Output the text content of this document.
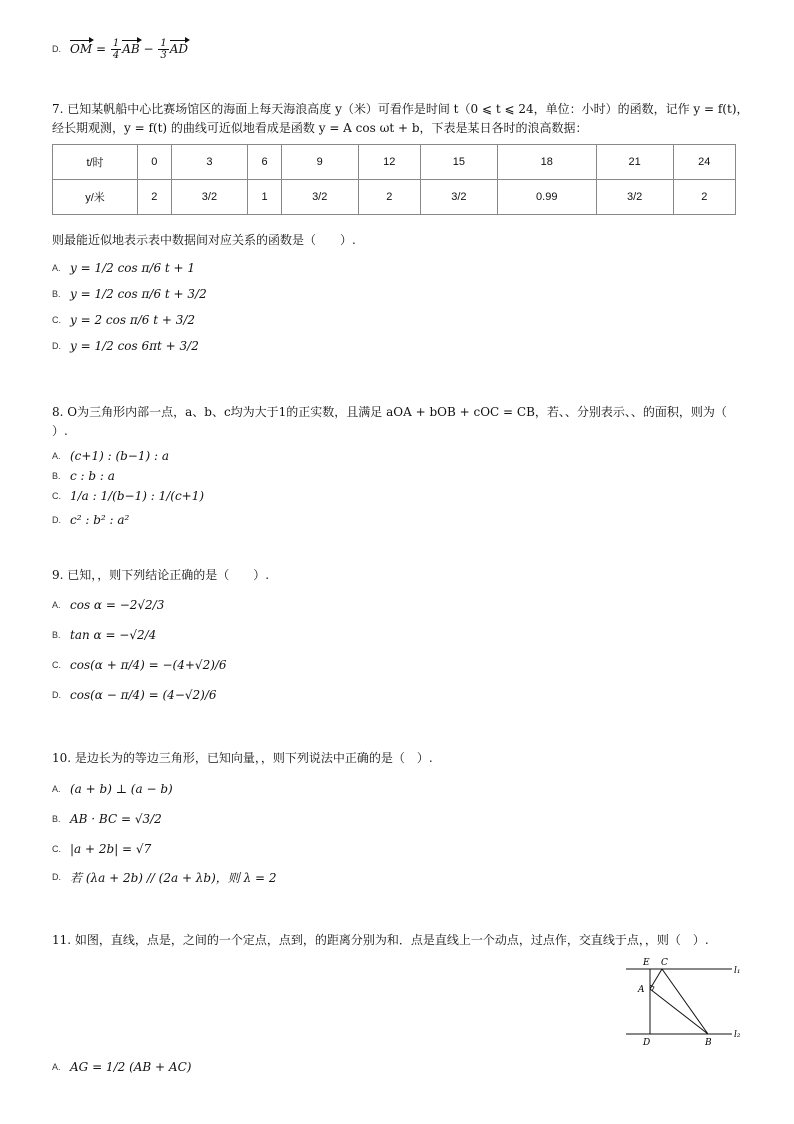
D. OM = $\frac{1}{4}$ AB − $\frac{1}{3}$ AD
7. 已知某帆船中心比赛场馆区的海面上每天海浪高度 y（米）可看作是时间 t（0 ⩽ t ⩽ 24，单位：小时）的函数，记作 y = f(t)，
经长期观测，y = f(t) 的曲线可近似地看成是函数 y = A cos ωt + b，下表是某日各时的浪高数据：
t/时	0	3	6	9	12	15	18	21	24
y/米	2	3/2	1	3/2	2	3/2	0.99	3/2	2
则最能近似地表示表中数据间对应关系的函数是（　　）.
A. y = 1/2 cos π/6 t + 1
B. y = 1/2 cos π/6 t + 3/2
C. y = 2 cos π/6 t + 3/2
D. y = 1/2 cos 6πt + 3/2
8. O为三角形内部一点，a、b、c均为大于1的正实数，且满足 aOA + bOB + cOC = CB，若、、分别表示、、的面积，则为（
）.
A. (c+1) : (b−1) : a
B. c : b : a
C. 1/a : 1/(b−1) : 1/(c+1)
D. c² : b² : a²
9. 已知，，则下列结论正确的是（　　）.
A. cos α = −2√2/3
B. tan α = −√2/4
C. cos(α + π/4) = −(4+√2)/6
D. cos(α − π/4) = (4−√2)/6
10. 是边长为的等边三角形，已知向量，，则下列说法中正确的是（　）.
A. (a + b) ⊥ (a − b)
B. AB · BC = √3/2
C. |a + 2b| = √7
D. 若 (λa + 2b) // (2a + λb)，则 λ = 2
11. 如图，直线，点是，之间的一个定点，点到，的距离分别为和．点是直线上一个动点，过点作，交直线于点，，则（　）.
E C
A
D	B
l₁
l₂
A. AG = 1/2 (AB + AC)
